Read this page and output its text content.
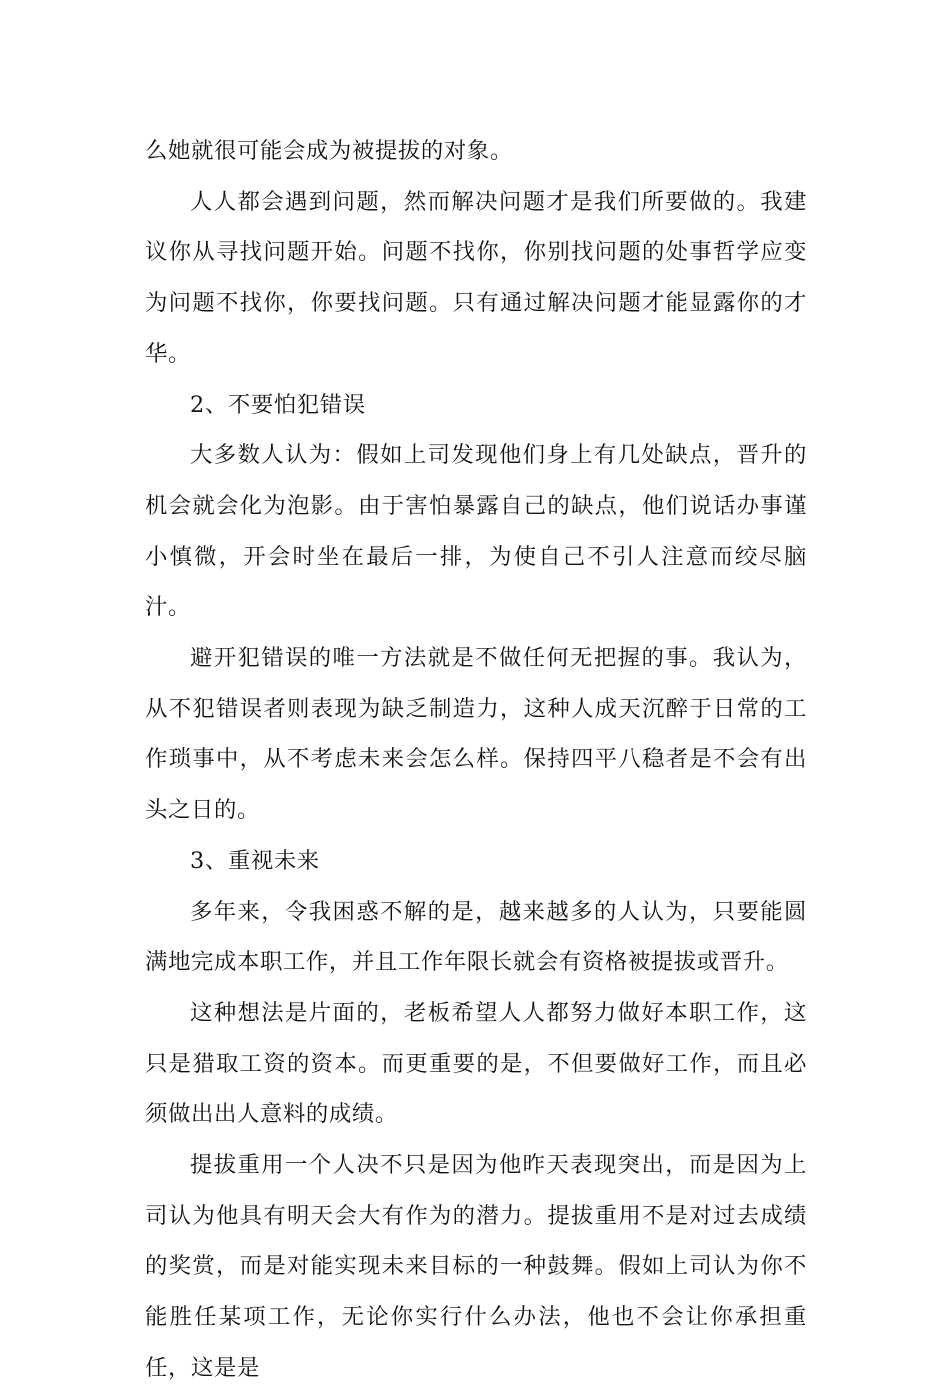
么她就很可能会成为被提拔的对象。

人人都会遇到问题，然而解决问题才是我们所要做的。我建议你从寻找问题开始。问题不找你，你别找问题的处事哲学应变为问题不找你，你要找问题。只有通过解决问题才能显露你的才华。

2、不要怕犯错误

大多数人认为：假如上司发现他们身上有几处缺点，晋升的机会就会化为泡影。由于害怕暴露自己的缺点，他们说话办事谨小慎微，开会时坐在最后一排，为使自己不引人注意而绞尽脑汁。

避开犯错误的唯一方法就是不做任何无把握的事。我认为，从不犯错误者则表现为缺乏制造力，这种人成天沉醉于日常的工作琐事中，从不考虑未来会怎么样。保持四平八稳者是不会有出头之日的。

3、重视未来

多年来，令我困惑不解的是，越来越多的人认为，只要能圆满地完成本职工作，并且工作年限长就会有资格被提拔或晋升。

这种想法是片面的，老板希望人人都努力做好本职工作，这只是猎取工资的资本。而更重要的是，不但要做好工作，而且必须做出出人意料的成绩。

提拔重用一个人决不只是因为他昨天表现突出，而是因为上司认为他具有明天会大有作为的潜力。提拔重用不是对过去成绩的奖赏，而是对能实现未来目标的一种鼓舞。假如上司认为你不能胜任某项工作，无论你实行什么办法，他也不会让你承担重任，这是是
